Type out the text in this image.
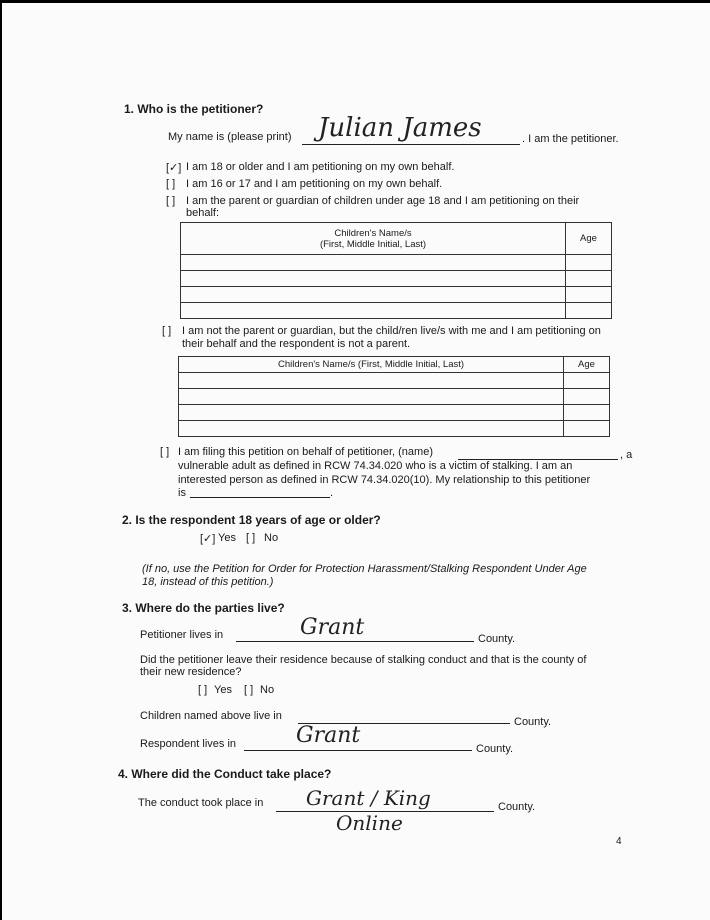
1. Who is the petitioner?
My name is (please print) Julian James	. I am the petitioner.
[✓] I am 18 or older and I am petitioning on my own behalf.
[ ] I am 16 or 17 and I am petitioning on my own behalf.
[ ] I am the parent or guardian of children under age 18 and I am petitioning on their
behalf:
Children's Name/s
(First, Middle Initial, Last)	Age

[ ] I am not the parent or guardian, but the child/ren live/s with me and I am petitioning on
their behalf and the respondent is not a parent.
Children's Name/s (First, Middle Initial, Last)	Age

[ ] I am filing this petition on behalf of petitioner, (name)	, a
vulnerable adult as defined in RCW 74.34.020 who is a victim of stalking. I am an
interested person as defined in RCW 74.34.020(10). My relationship to this petitioner
is	.
2. Is the respondent 18 years of age or older?
[✓] Yes [ ] No
(If no, use the Petition for Order for Protection Harassment/Stalking Respondent Under Age
18, instead of this petition.)
3. Where do the parties live?
Petitioner lives in	Grant	County.
Did the petitioner leave their residence because of stalking conduct and that is the county of
their new residence?
[ ] Yes [ ] No
Children named above live in	County.
Respondent lives in	Grant
County.
4. Where did the Conduct take place?
The conduct took place in Grant / King
Online
County.
4
